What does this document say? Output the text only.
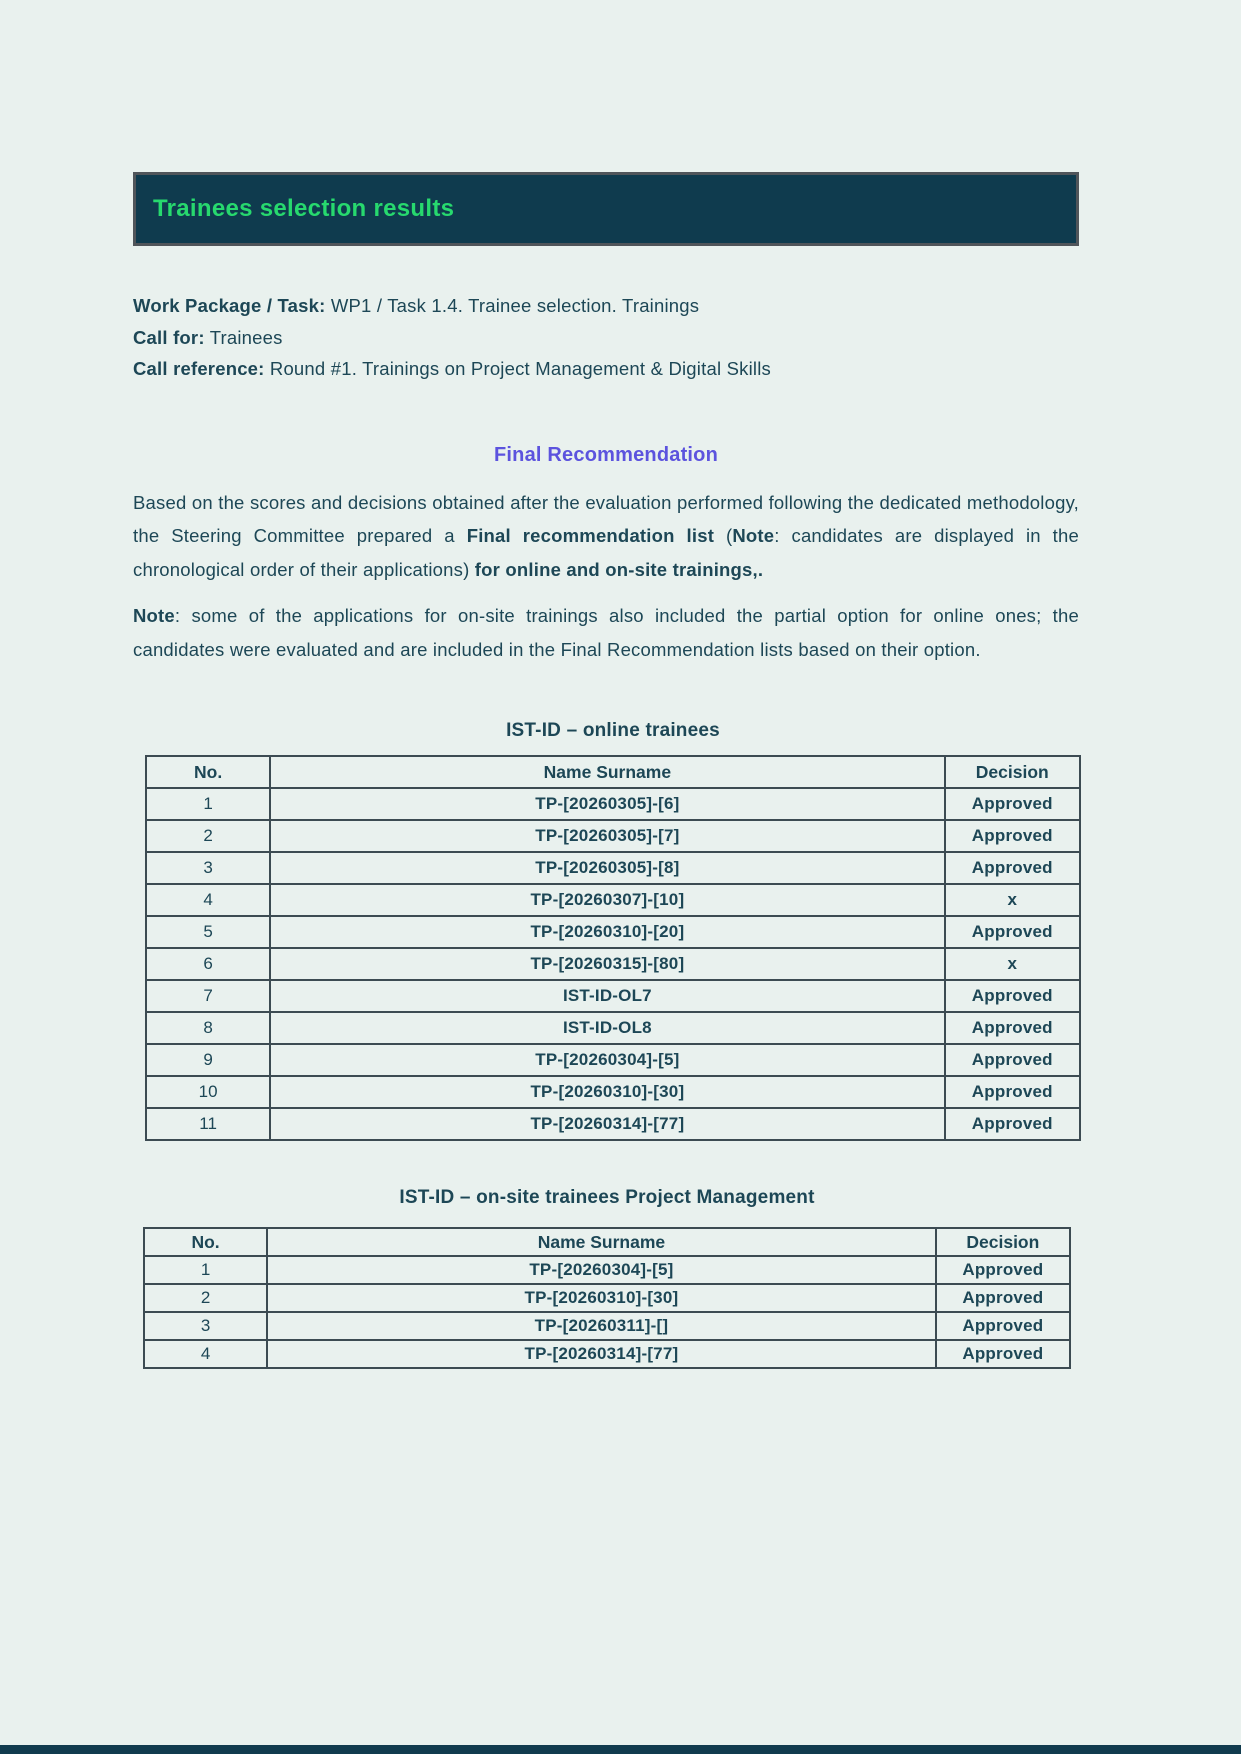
Trainees selection results
Work Package / Task: WP1 / Task 1.4. Trainee selection. Trainings
Call for: Trainees
Call reference: Round #1. Trainings on Project Management & Digital Skills
Final Recommendation

Based on the scores and decisions obtained after the evaluation performed following the dedicated methodology, the Steering Committee prepared a Final recommendation list (Note: candidates are displayed in the chronological order of their applications) for online and on-site trainings,.

Note: some of the applications for on-site trainings also included the partial option for online ones; the candidates were evaluated and are included in the Final Recommendation lists based on their option.

IST-ID – online trainees
No.	Name Surname	Decision
1	TP-[20260305]-[6]	Approved
2	TP-[20260305]-[7]	Approved
3	TP-[20260305]-[8]	Approved
4	TP-[20260307]-[10]	x
5	TP-[20260310]-[20]	Approved
6	TP-[20260315]-[80]	x
7	IST-ID-OL7	Approved
8	IST-ID-OL8	Approved
9	TP-[20260304]-[5]	Approved
10	TP-[20260310]-[30]	Approved
11	TP-[20260314]-[77]	Approved
IST-ID – on-site trainees Project Management
No.	Name Surname	Decision
1	TP-[20260304]-[5]	Approved
2	TP-[20260310]-[30]	Approved
3	TP-[20260311]-[]	Approved
4	TP-[20260314]-[77]	Approved
